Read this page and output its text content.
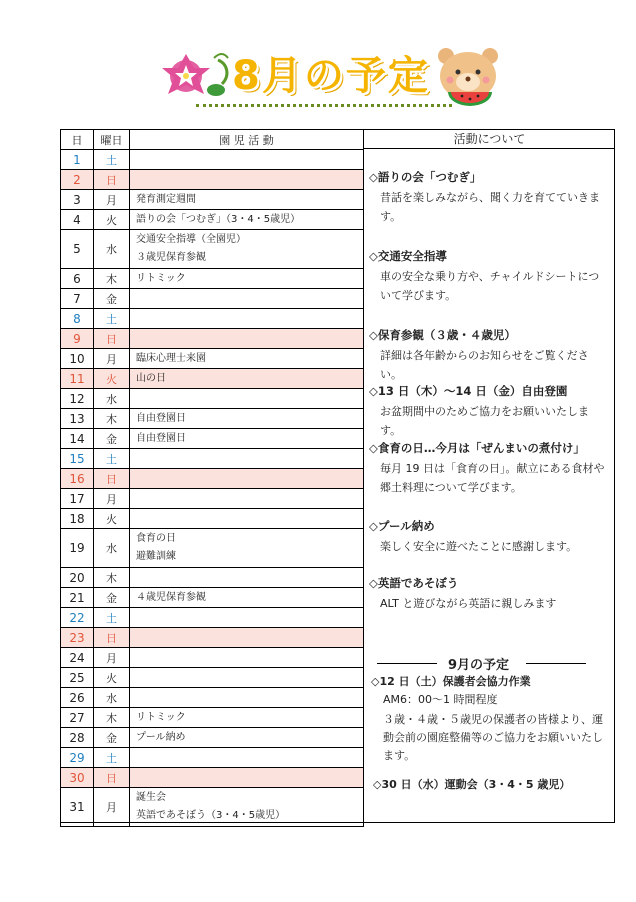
8月の予定
日	曜日	園 児 活 動
1	土	
2	日	
3	月	発育測定週間

4	火	語りの会「つむぎ」（3・4・5歳児）

5	水	交通安全指導（全園児）
３歳児保育参観

6	木	リトミック

7	金	
8	土	
9	日	
10	月	臨床心理士来園

11	火	山の日

12	水	
13	木	自由登園日

14	金	自由登園日

15	土	
16	日	
17	月	
18	火	
19	水	食育の日
避難訓練

20	木	
21	金	４歳児保育参観

22	土	
23	日	
24	月	
25	火	
26	水	
27	木	リトミック

28	金	プール納め

29	土	
30	日	
31	月	誕生会
英語であそぼう（3・4・5歳児）
活動について
◇語りの会「つむぎ」
昔話を楽しみながら、聞く力を育てていきます。
◇交通安全指導
車の安全な乗り方や、チャイルドシートについて学びます。
◇保育参観（３歳・４歳児）
詳細は各年齢からのお知らせをご覧ください。
◇13 日（木）～14 日（金）自由登園
お盆期間中のためご協力をお願いいたします。
◇食育の日…今月は「ぜんまいの煮付け」
毎月 19 日は「食育の日」。献立にある食材や郷土料理について学びます。
◇プール納め
楽しく安全に遊べたことに感謝します。
◇英語であそぼう
ALT と遊びながら英語に親しみます
9月の予定
◇12 日（土）保護者会協力作業
AM6：00～1 時間程度
３歳・４歳・５歳児の保護者の皆様より、運動会前の園庭整備等のご協力をお願いいたします。
◇30 日（水）運動会（3・4・5 歳児）
